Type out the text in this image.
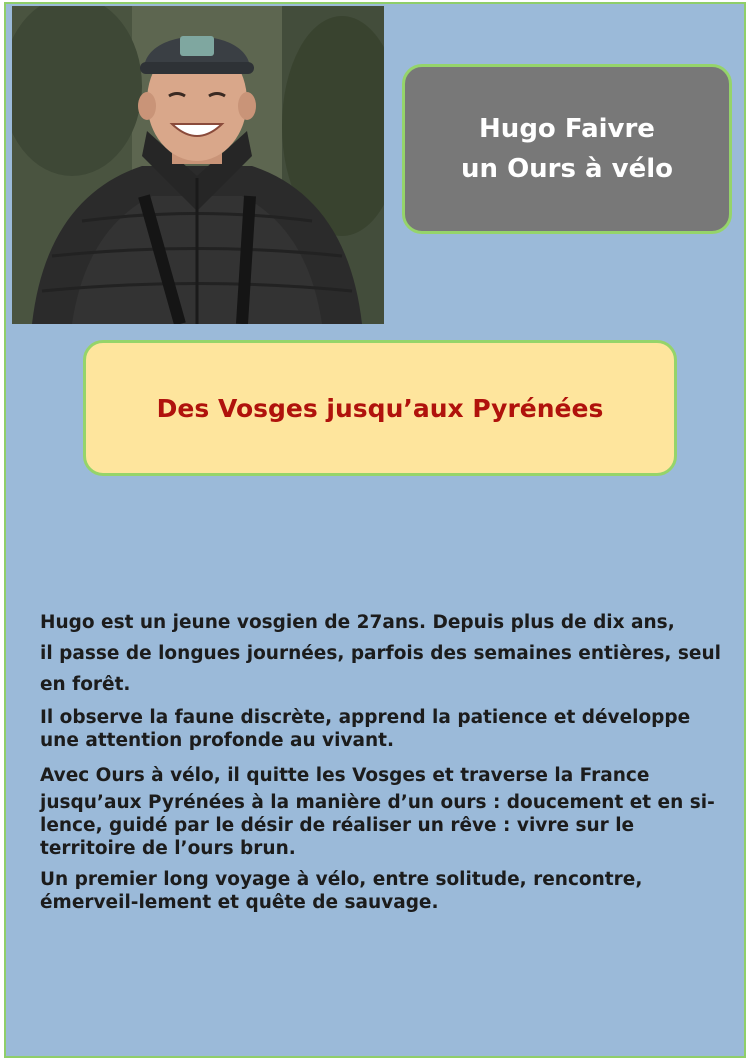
Hugo Faivre
un Ours à vélo
Des Vosges jusqu’aux Pyrénées

Hugo est un jeune vosgien de 27ans. Depuis plus de dix ans,

il passe de longues journées, parfois des semaines entières, seul

en forêt.

Il observe la faune discrète, apprend la patience et développe une attention profonde au vivant.

Avec Ours à vélo, il quitte les Vosges et traverse la France

jusqu’aux Pyrénées à la manière d’un ours : doucement et en si-lence, guidé par le désir de réaliser un rêve : vivre sur le territoire de l’ours brun.

Un premier long voyage à vélo, entre solitude, rencontre, émerveil-lement et quête de sauvage.
